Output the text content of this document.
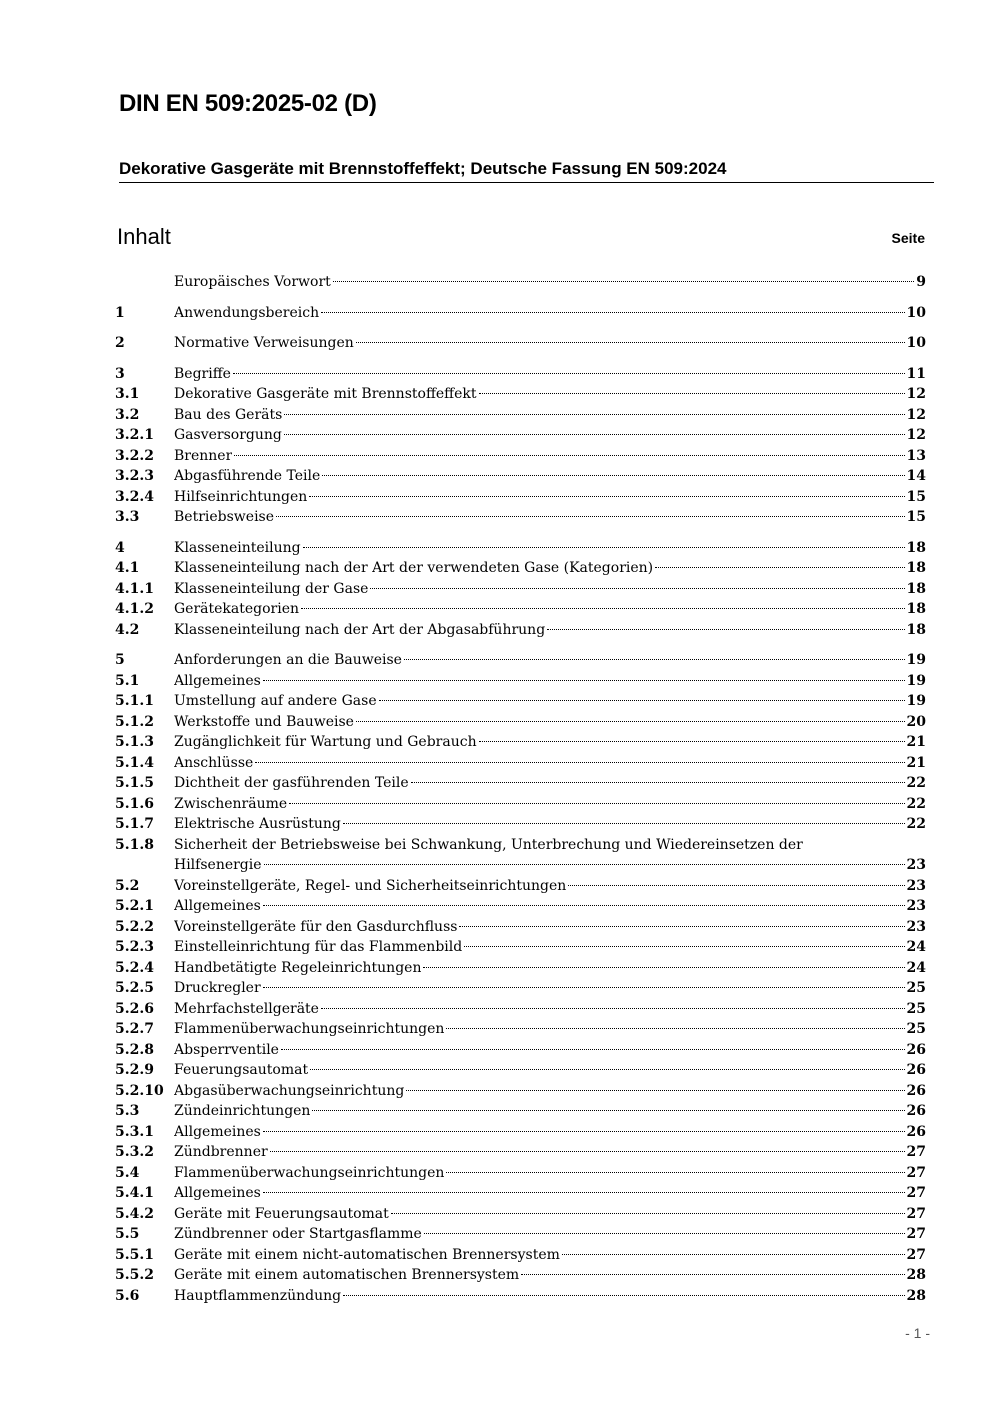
DIN EN 509:2025-02 (D)
Dekorative Gasgeräte mit Brennstoffeffekt; Deutsche Fassung EN 509:2024
Inhalt	Seite
Europäisches Vorwort	9
1	Anwendungsbereich	10
2	Normative Verweisungen	10
3	Begriffe	11
3.1	Dekorative Gasgeräte mit Brennstoffeffekt	12
3.2	Bau des Geräts	12
3.2.1	Gasversorgung	12
3.2.2	Brenner	13
3.2.3	Abgasführende Teile	14
3.2.4	Hilfseinrichtungen	15
3.3	Betriebsweise	15
4	Klasseneinteilung	18
4.1	Klasseneinteilung nach der Art der verwendeten Gase (Kategorien)	18
4.1.1	Klasseneinteilung der Gase	18
4.1.2	Gerätekategorien	18
4.2	Klasseneinteilung nach der Art der Abgasabführung	18
5	Anforderungen an die Bauweise	19
5.1	Allgemeines	19
5.1.1	Umstellung auf andere Gase	19
5.1.2	Werkstoffe und Bauweise	20
5.1.3	Zugänglichkeit für Wartung und Gebrauch	21
5.1.4	Anschlüsse	21
5.1.5	Dichtheit der gasführenden Teile	22
5.1.6	Zwischenräume	22
5.1.7	Elektrische Ausrüstung	22
5.1.8	Sicherheit der Betriebsweise bei Schwankung, Unterbrechung und Wiedereinsetzen der
Hilfsenergie	23
5.2	Voreinstellgeräte, Regel- und Sicherheitseinrichtungen	23
5.2.1	Allgemeines	23
5.2.2	Voreinstellgeräte für den Gasdurchfluss	23
5.2.3	Einstelleinrichtung für das Flammenbild	24
5.2.4	Handbetätigte Regeleinrichtungen	24
5.2.5	Druckregler	25
5.2.6	Mehrfachstellgeräte	25
5.2.7	Flammenüberwachungseinrichtungen	25
5.2.8	Absperrventile	26
5.2.9	Feuerungsautomat	26
5.2.10 Abgasüberwachungseinrichtung	26
5.3	Zündeinrichtungen	26
5.3.1	Allgemeines	26
5.3.2	Zündbrenner	27
5.4	Flammenüberwachungseinrichtungen	27
5.4.1	Allgemeines	27
5.4.2	Geräte mit Feuerungsautomat	27
5.5	Zündbrenner oder Startgasflamme	27
5.5.1	Geräte mit einem nicht-automatischen Brennersystem	27
5.5.2	Geräte mit einem automatischen Brennersystem	28
5.6	Hauptflammenzündung	28
- 1 -
